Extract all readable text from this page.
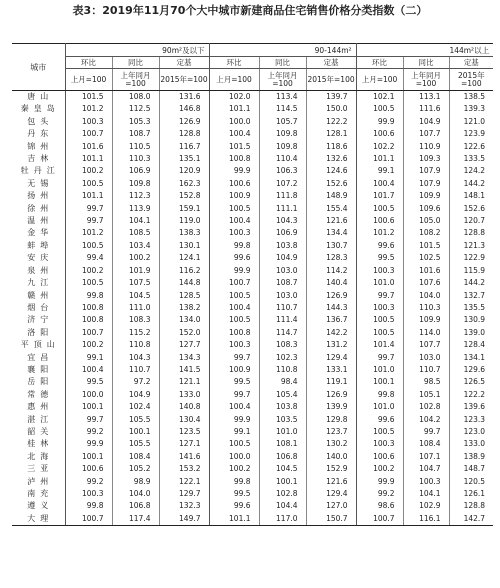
表3：2019年11月70个大中城市新建商品住宅销售价格分类指数（二）
城市	90m²及以下			90-144m²			144m²以上		
	环比	同比	定基	环比	同比	定基	环比	同比	定基
	上月=100	上年同月=100	2015年=100	上月=100	上年同月=100	2015年=100	上月=100	上年同月=100	2015年=100
唐山	101.5	108.0	131.6	102.0	113.4	139.7	102.1	113.1	138.5
秦皇岛	101.2	112.5	146.8	101.1	114.5	150.0	100.5	111.6	139.3
包头	100.3	105.3	126.9	100.0	105.7	122.2	99.9	104.9	121.0
丹东	100.7	108.7	128.8	100.4	109.8	128.1	100.6	107.7	123.9
锦州	101.6	110.5	116.7	101.5	109.8	118.6	102.2	110.9	122.6
吉林	101.1	110.3	135.1	100.8	110.4	132.6	101.1	109.3	133.5
牡丹江	100.2	106.9	120.9	99.9	106.3	124.6	99.1	107.9	124.2
无锡	100.5	109.8	162.3	100.6	107.2	152.6	100.4	107.9	144.2
扬州	101.1	112.3	152.8	100.9	111.8	148.9	101.7	109.9	148.1
徐州	99.7	113.9	159.1	100.5	111.1	155.4	100.5	109.6	152.6
温州	99.7	104.1	119.0	100.4	104.3	121.6	100.6	105.0	120.7
金华	101.2	108.5	138.3	100.3	106.9	134.4	101.2	108.2	128.8
蚌埠	100.5	103.4	130.1	99.8	103.8	130.7	99.6	101.5	121.3
安庆	99.4	100.2	124.1	99.6	104.9	128.3	99.5	102.5	122.9
泉州	100.2	101.9	116.2	99.9	103.0	114.2	100.3	101.6	115.9
九江	100.5	107.5	144.8	100.7	108.7	140.4	101.0	107.6	144.2
赣州	99.8	104.5	128.5	100.5	103.0	126.9	99.7	104.0	132.7
烟台	100.8	111.0	138.2	100.4	110.7	144.3	100.3	110.3	135.5
济宁	100.8	108.3	134.0	100.5	111.4	136.7	100.5	109.9	130.9
洛阳	100.7	115.2	152.0	100.8	114.7	142.2	100.5	114.0	139.0
平顶山	100.2	110.8	127.7	100.3	108.3	131.2	101.4	107.7	128.4
宜昌	99.1	104.3	134.3	99.7	102.3	129.4	99.7	103.0	134.1
襄阳	100.4	110.7	141.5	100.9	110.8	133.1	101.0	110.7	129.6
岳阳	99.5	97.2	121.1	99.5	98.4	119.1	100.1	98.5	126.5
常德	100.0	104.9	133.0	99.7	105.4	126.9	99.8	105.1	122.2
惠州	100.1	102.4	140.8	100.4	103.8	139.9	101.0	102.8	139.6
湛江	99.7	105.5	130.4	99.9	103.5	129.8	99.6	104.2	123.3
韶关	99.2	100.1	123.5	99.1	101.0	123.7	100.5	99.7	123.0
桂林	99.9	105.5	127.1	100.5	108.1	130.2	100.3	108.4	133.0
北海	100.1	108.4	141.6	100.0	106.8	140.0	100.6	107.1	138.9
三亚	100.6	105.2	153.2	100.2	104.5	152.9	100.2	104.7	148.7
泸州	99.2	98.9	122.1	99.8	100.1	121.6	99.9	100.3	120.5
南充	100.3	104.0	129.7	99.5	102.8	129.4	99.2	104.1	126.1
遵义	99.8	106.8	132.3	99.6	104.4	127.0	98.6	102.9	128.8
大理	100.7	117.4	149.7	101.1	117.0	150.7	100.7	116.1	142.7
